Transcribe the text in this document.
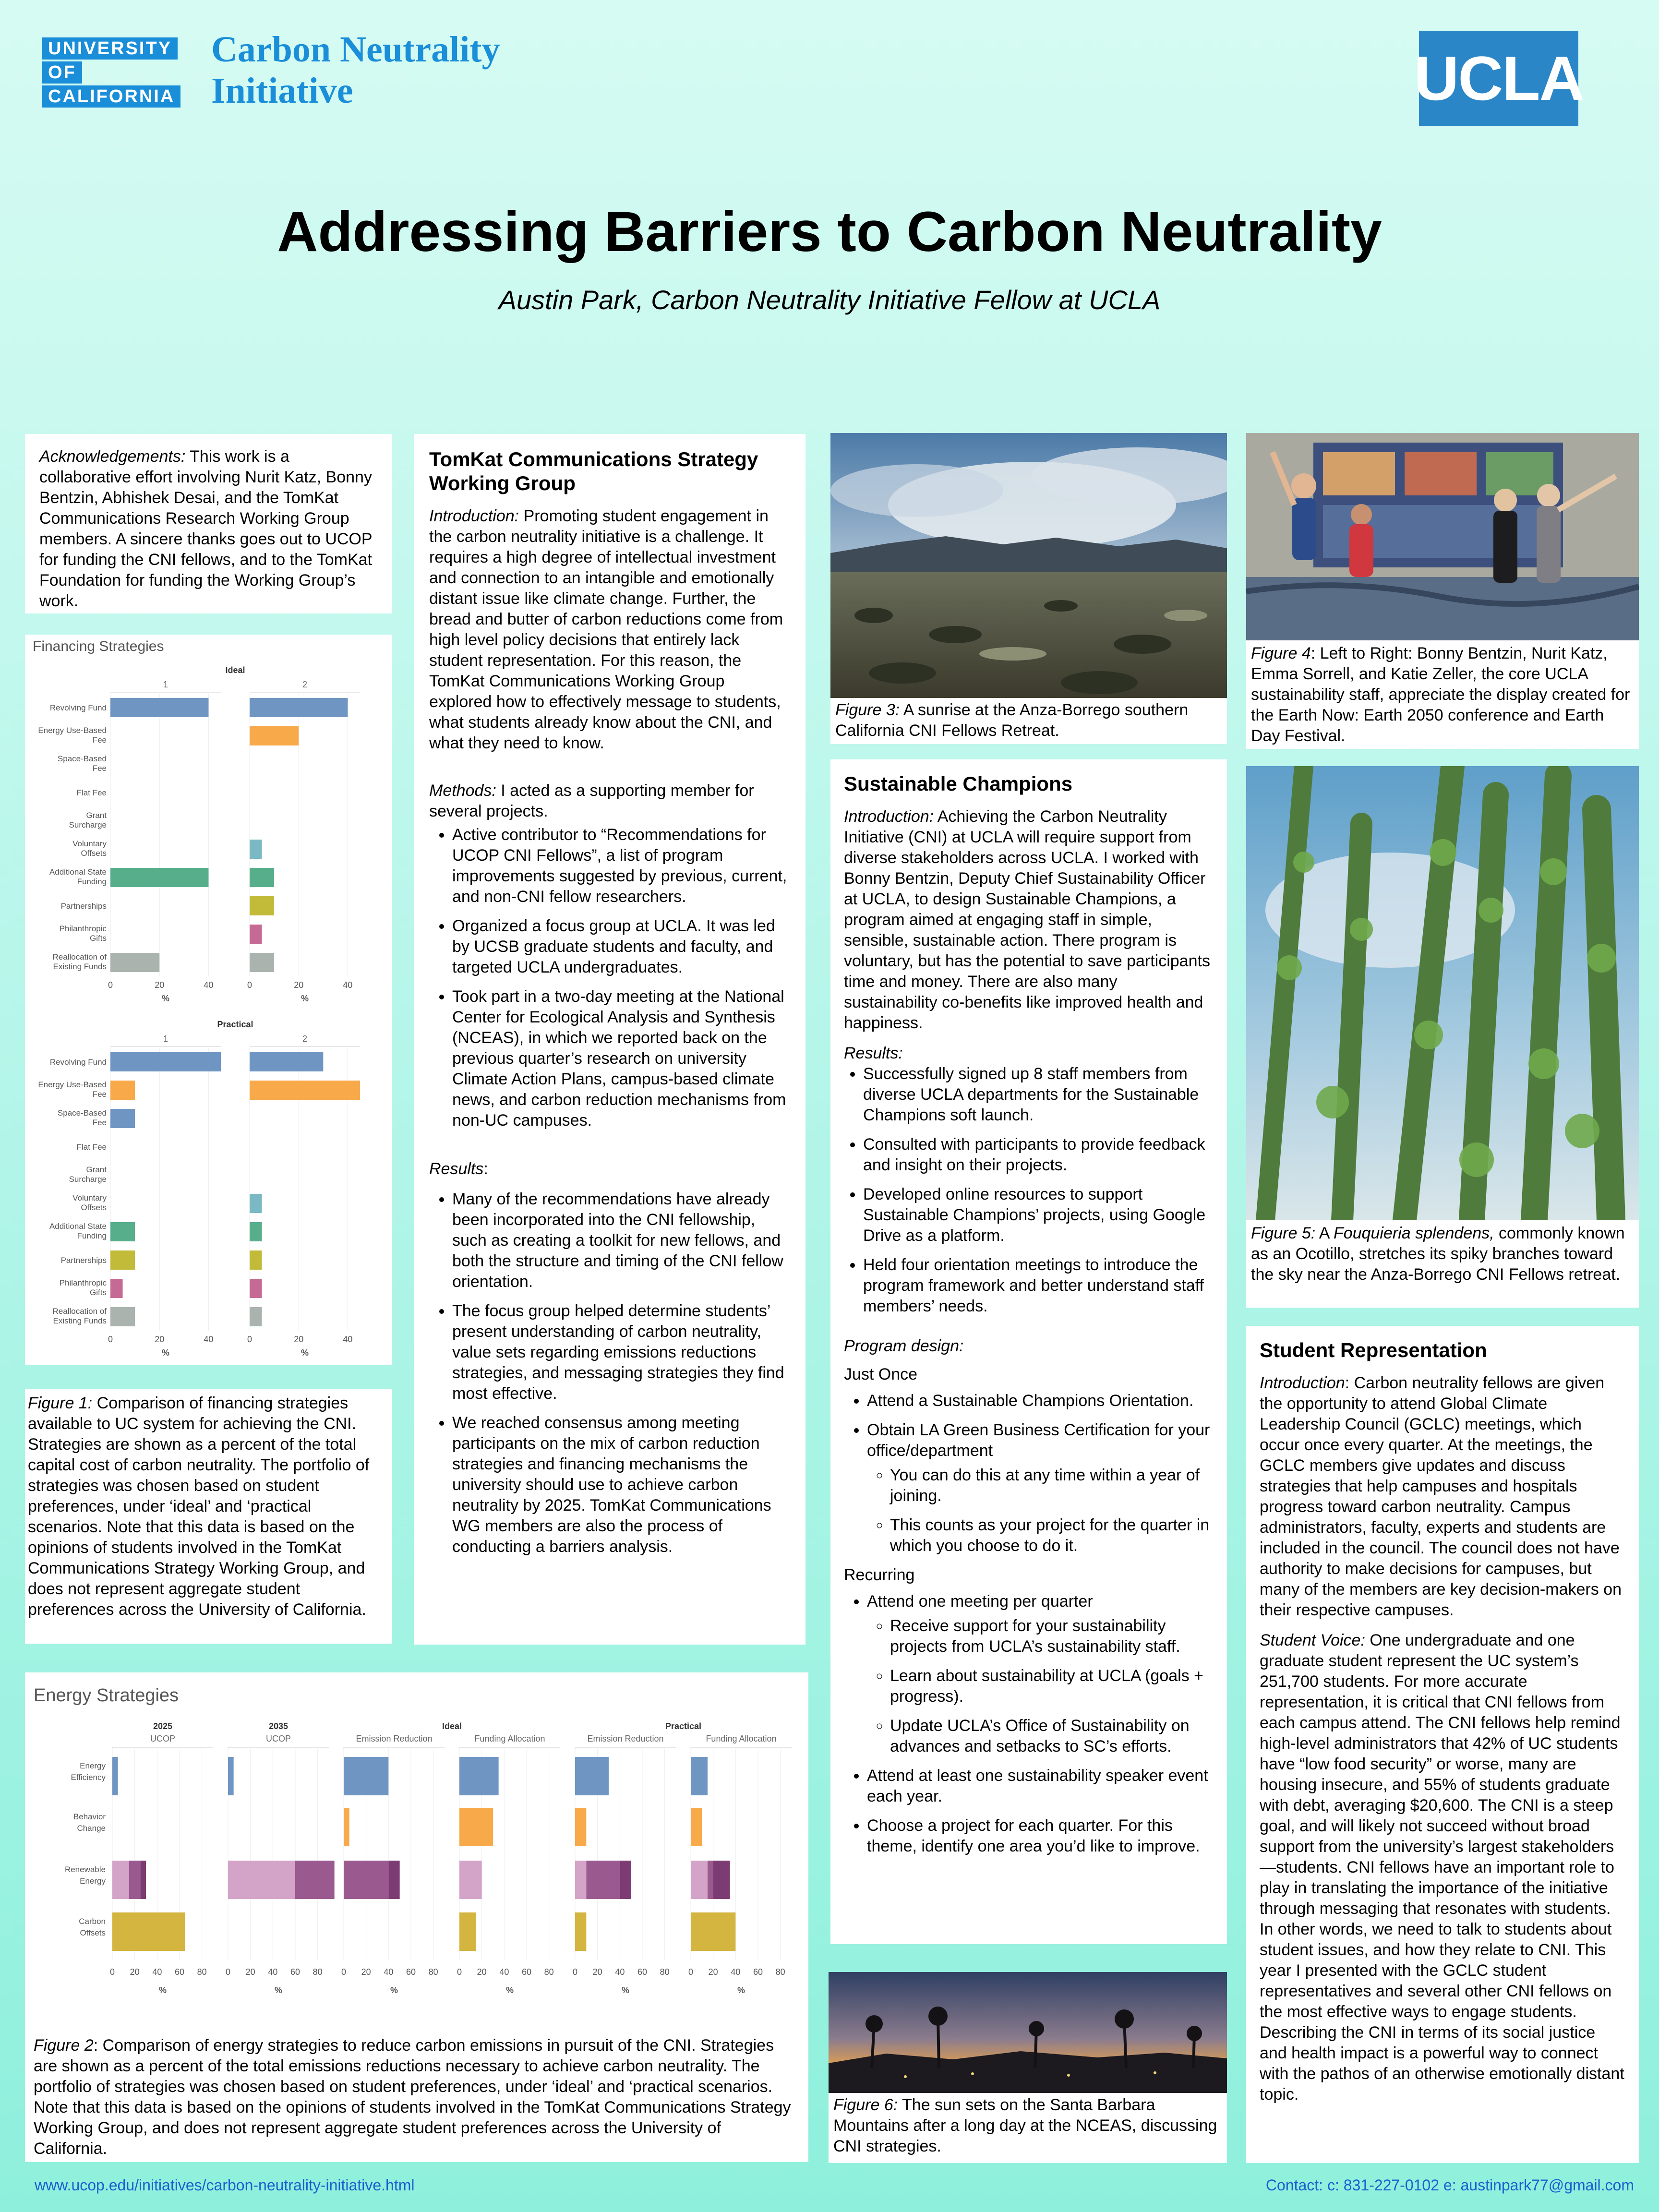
UNIVERSITY
OF
CALIFORNIA
Carbon Neutrality
Initiative	UCLA
Addressing Barriers to Carbon Neutrality
Austin Park, Carbon Neutrality Initiative Fellow at UCLA
Acknowledgements: This work is a collaborative effort involving Nurit Katz, Bonny Bentzin, Abhishek Desai, and the TomKat Communications Research Working Group members. A sincere thanks goes out to UCOP for funding the CNI fellows, and to the TomKat Foundation for funding the Working Group’s work.
Financing Strategies
Ideal
1
0	20	40
%
2
0	20	40
%
Revolving Fund
Energy Use-Based
Fee
Space-Based
Fee
Flat Fee
Grant
Surcharge
Voluntary
Offsets
Additional State
Funding
Partnerships
Philanthropic
Gifts
Reallocation of
Existing Funds
Practical
1
0	20	40
%
2
0	20	40
%
Revolving Fund
Energy Use-Based
Fee
Space-Based
Fee
Flat Fee
Grant
Surcharge
Voluntary
Offsets
Additional State
Funding
Partnerships
Philanthropic
Gifts
Reallocation of
Existing Funds
Figure 1: Comparison of financing strategies available to UC system for achieving the CNI. Strategies are shown as a percent of the total capital cost of carbon neutrality. The portfolio of strategies was chosen based on student preferences, under ‘ideal’ and ‘practical scenarios. Note that this data is based on the opinions of students involved in the TomKat Communications Strategy Working Group, and does not represent aggregate student preferences across the University of California.
TomKat Communications Strategy Working Group

Introduction: Promoting student engagement in the carbon neutrality initiative is a challenge. It requires a high degree of intellectual investment and connection to an intangible and emotionally distant issue like climate change. Further, the bread and butter of carbon reductions come from high level policy decisions that entirely lack student representation. For this reason, the TomKat Communications Working Group explored how to effectively message to students, what students already know about the CNI, and what they need to know.

Methods: I acted as a supporting member for several projects.

• Active contributor to “Recommendations for UCOP CNI Fellows”, a list of program improvements suggested by previous, current, and non-CNI fellow researchers.
• Organized a focus group at UCLA. It was led by UCSB graduate students and faculty, and targeted UCLA undergraduates.
• Took part in a two-day meeting at the National Center for Ecological Analysis and Synthesis (NCEAS), in which we reported back on the previous quarter’s research on university Climate Action Plans, campus-based climate news, and carbon reduction mechanisms from non-UC campuses.

Results:

• Many of the recommendations have already been incorporated into the CNI fellowship, such as creating a toolkit for new fellows, and both the structure and timing of the CNI fellow orientation.
• The focus group helped determine students’ present understanding of carbon neutrality, value sets regarding emissions reductions strategies, and messaging strategies they find most effective.
• We reached consensus among meeting participants on the mix of carbon reduction strategies and financing mechanisms the university should use to achieve carbon neutrality by 2025. TomKat Communications WG members are also the process of conducting a barriers analysis.
Energy Strategies
2025
UCOP
2035
UCOP
Ideal
Emission Reduction	Funding Allocation
Practical
Emission Reduction	Funding Allocation
Energy
Efficiency
Behavior
Change
Renewable
Energy
Carbon
Offsets
0 20 40 60 80
%
0 20 40 60 80
%
0 20 40 60 80
%
0 20 40 60 80
%
0 20 40 60 80
%
0 20 40 60 80
%
Figure 2: Comparison of energy strategies to reduce carbon emissions in pursuit of the CNI. Strategies are shown as a percent of the total emissions reductions necessary to achieve carbon neutrality. The portfolio of strategies was chosen based on student preferences, under ‘ideal’ and ‘practical scenarios. Note that this data is based on the opinions of students involved in the TomKat Communications Strategy Working Group, and does not represent aggregate student preferences across the University of California.
Figure 3: A sunrise at the Anza-Borrego southern California CNI Fellows Retreat.
Figure 4: Left to Right: Bonny Bentzin, Nurit Katz, Emma Sorrell, and Katie Zeller, the core UCLA sustainability staff, appreciate the display created for the Earth Now: Earth 2050 conference and Earth Day Festival.
Figure 5: A Fouquieria splendens, commonly known as an Ocotillo, stretches its spiky branches toward the sky near the Anza-Borrego CNI Fellows retreat.
Figure 6: The sun sets on the Santa Barbara Mountains after a long day at the NCEAS, discussing CNI strategies.
Sustainable Champions

Introduction: Achieving the Carbon Neutrality Initiative (CNI) at UCLA will require support from diverse stakeholders across UCLA. I worked with Bonny Bentzin, Deputy Chief Sustainability Officer at UCLA, to design Sustainable Champions, a program aimed at engaging staff in simple, sensible, sustainable action. There program is voluntary, but has the potential to save participants time and money. There are also many sustainability co-benefits like improved health and happiness.

Results:
• Successfully signed up 8 staff members from diverse UCLA departments for the Sustainable Champions soft launch.
• Consulted with participants to provide feedback and insight on their projects.
• Developed online resources to support Sustainable Champions’ projects, using Google Drive as a platform.
• Held four orientation meetings to introduce the program framework and better understand staff members’ needs.
Program design:
Just Once
• Attend a Sustainable Champions Orientation.
• Obtain LA Green Business Certification for your office/department
◦ You can do this at any time within a year of joining.
◦ This counts as your project for the quarter in which you choose to do it.
Recurring
• Attend one meeting per quarter
◦ Receive support for your sustainability projects from UCLA’s sustainability staff.
◦ Learn about sustainability at UCLA (goals + progress).
◦ Update UCLA’s Office of Sustainability on advances and setbacks to SC’s efforts.
• Attend at least one sustainability speaker event each year.
• Choose a project for each quarter. For this theme, identify one area you’d like to improve.
Student Representation

Introduction: Carbon neutrality fellows are given the opportunity to attend Global Climate Leadership Council (GCLC) meetings, which occur once every quarter. At the meetings, the GCLC members give updates and discuss strategies that help campuses and hospitals progress toward carbon neutrality. Campus administrators, faculty, experts and students are included in the council. The council does not have authority to make decisions for campuses, but many of the members are key decision-makers on their respective campuses.

Student Voice: One undergraduate and one graduate student represent the UC system’s 251,700 students. For more accurate representation, it is critical that CNI fellows from each campus attend. The CNI fellows help remind high-level administrators that 42% of UC students have “low food security” or worse, many are housing insecure, and 55% of students graduate with debt, averaging $20,600. The CNI is a steep goal, and will likely not succeed without broad support from the university’s largest stakeholders—students. CNI fellows have an important role to play in translating the importance of the initiative through messaging that resonates with students. In other words, we need to talk to students about student issues, and how they relate to CNI. This year I presented with the GCLC student representatives and several other CNI fellows on the most effective ways to engage students. Describing the CNI in terms of its social justice and health impact is a powerful way to connect with the pathos of an otherwise emotionally distant topic.

www.ucop.edu/initiatives/carbon-neutrality-initiative.html	Contact: c: 831-227-0102 e: austinpark77@gmail.com
